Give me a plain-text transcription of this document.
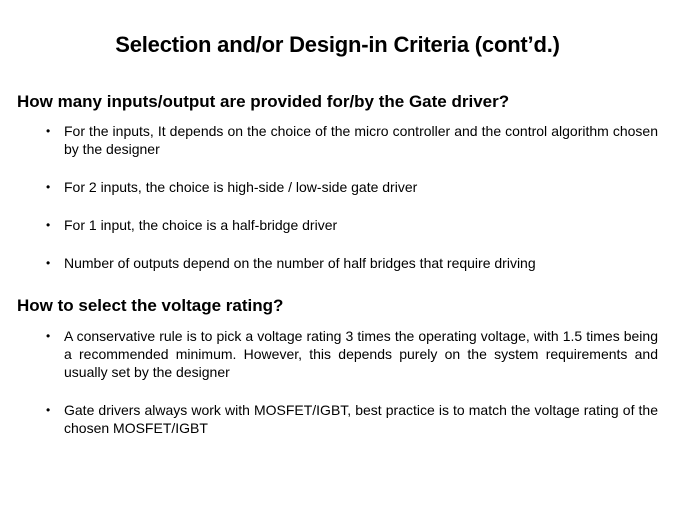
Selection and/or Design-in Criteria (cont’d.)
How many inputs/output are provided for/by the Gate driver?
• For the inputs, It depends on the choice of the micro controller and the control algorithm chosen by the designer
• For 2 inputs, the choice is high-side / low-side gate driver
• For 1 input, the choice is a half-bridge driver
• Number of outputs depend on the number of half bridges that require driving
How to select the voltage rating?
• A conservative rule is to pick a voltage rating 3 times the operating voltage, with 1.5 times being a recommended minimum. However, this depends purely on the system requirements and usually set by the designer
• Gate drivers always work with MOSFET/IGBT, best practice is to match the voltage rating of the chosen MOSFET/IGBT
